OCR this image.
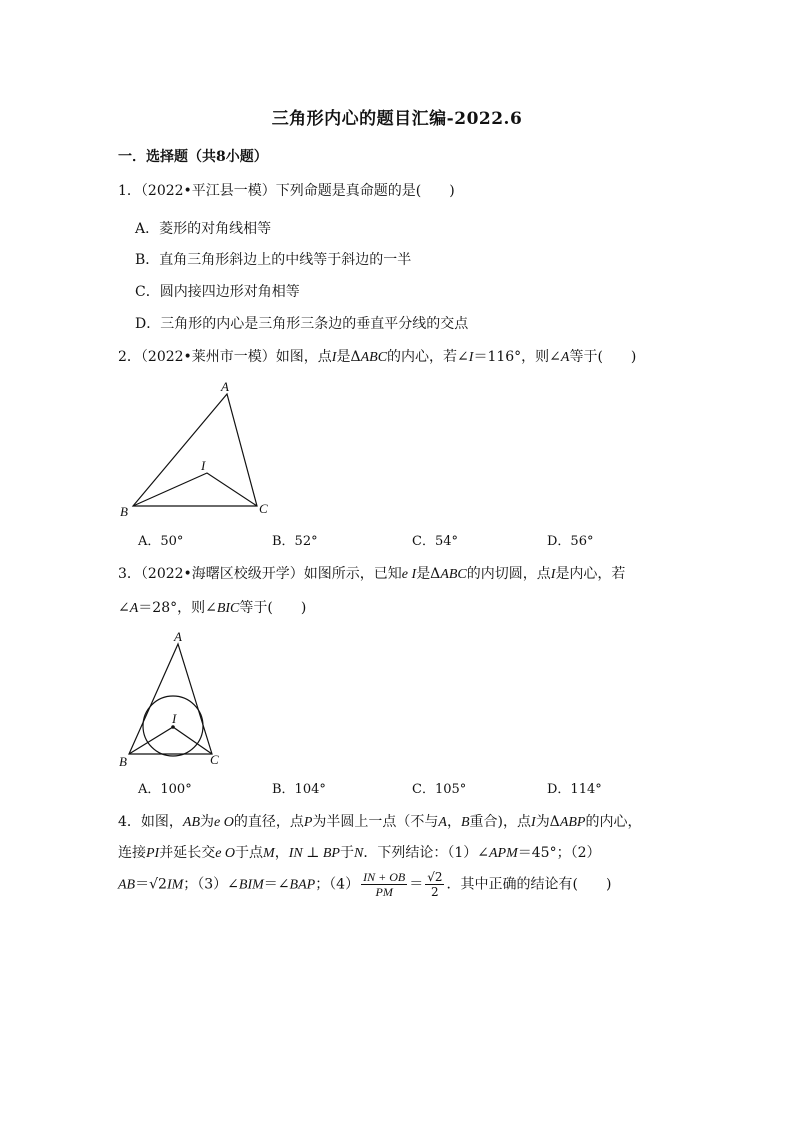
三角形内心的题目汇编-2022.6
一．选择题（共8小题）
1．（2022•平江县一模）下列命题是真命题的是(　　)
A．菱形的对角线相等
B．直角三角形斜边上的中线等于斜边的一半
C．圆内接四边形对角相等
D．三角形的内心是三角形三条边的垂直平分线的交点
2．（2022•莱州市一模）如图，点I是ΔABC的内心，若∠I＝116°，则∠A等于(　　)
A
B	C
I
A．50°	B．52°	C．54°	D．56°
3．（2022•海曙区校级开学）如图所示，已知e I是ΔABC的内切圆，点I是内心，若
∠A＝28°，则∠BIC等于(　　)
A
B	C
I
A．100°	B．104°	C．105°	D．114°
4．如图，AB为e O的直径，点P为半圆上一点（不与A，B重合)，点I为ΔABP的内心，
连接PI并延长交e O于点M，IN ⊥ BP于N．下列结论：（1）∠APM＝45°；（2）
AB＝√2IM；（3）∠BIM＝∠BAP；$(4) \frac{IN + OB}{PM} = \frac{√2}{2}$ ．其中正确的结论有(　　)
